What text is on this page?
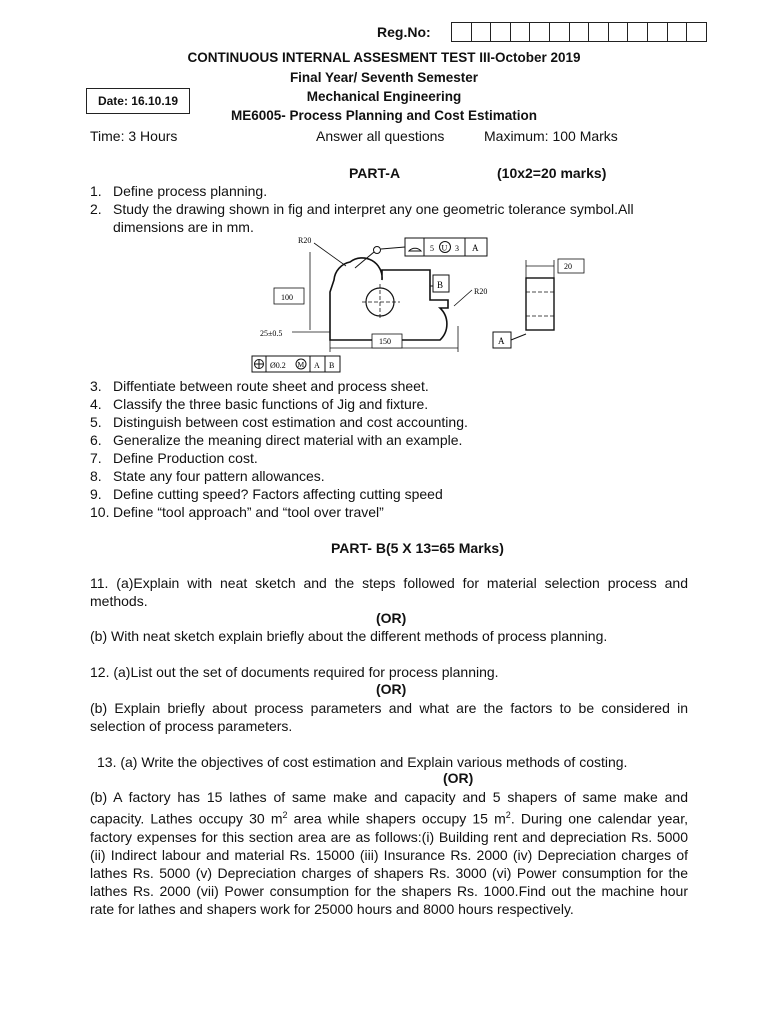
Reg.No:
CONTINUOUS INTERNAL ASSESMENT TEST III-October 2019
Final Year/ Seventh Semester
Mechanical Engineering
ME6005- Process Planning and Cost Estimation
Date: 16.10.19
Time: 3 Hours	Answer all questions	Maximum: 100 Marks
PART-A	(10x2=20 marks)
1. Define process planning.
2. Study the drawing shown in fig and interpret any one geometric tolerance symbol.All
dimensions are in mm.
5 U 3 A
B
R20
R20
100
25±0.5
150
Ø0.2 M A B
20
A
3. Diffentiate between route sheet and process sheet.
4. Classify the three basic functions of Jig and fixture.
5. Distinguish between cost estimation and cost accounting.
6. Generalize the meaning direct material with an example.
7. Define Production cost.
8. State any four pattern allowances.
9. Define cutting speed? Factors affecting cutting speed
10. Define “tool approach” and “tool over travel”
PART- B(5 X 13=65 Marks)
11. (a)Explain with neat sketch and the steps followed for material selection process and methods.
(OR)
(b) With neat sketch explain briefly about the different methods of process planning.
12. (a)List out the set of documents required for process planning.
(OR)
(b) Explain briefly about process parameters and what are the factors to be considered in selection of process parameters.
13. (a) Write the objectives of cost estimation and Explain various methods of costing.
(OR)
(b) A factory has 15 lathes of same make and capacity and 5 shapers of same make and capacity. Lathes occupy 30 $m^2$ area while shapers occupy 15 $m^2$. During one calendar year, factory expenses for this section area are as follows:(i) Building rent and depreciation Rs. 5000 (ii) Indirect labour and material Rs. 15000 (iii) Insurance Rs. 2000 (iv) Depreciation charges of lathes Rs. 5000 (v) Depreciation charges of shapers Rs. 3000 (vi) Power consumption for the lathes Rs. 2000 (vii) Power consumption for the shapers Rs. 1000.Find out the machine hour rate for lathes and shapers work for 25000 hours and 8000 hours respectively.
